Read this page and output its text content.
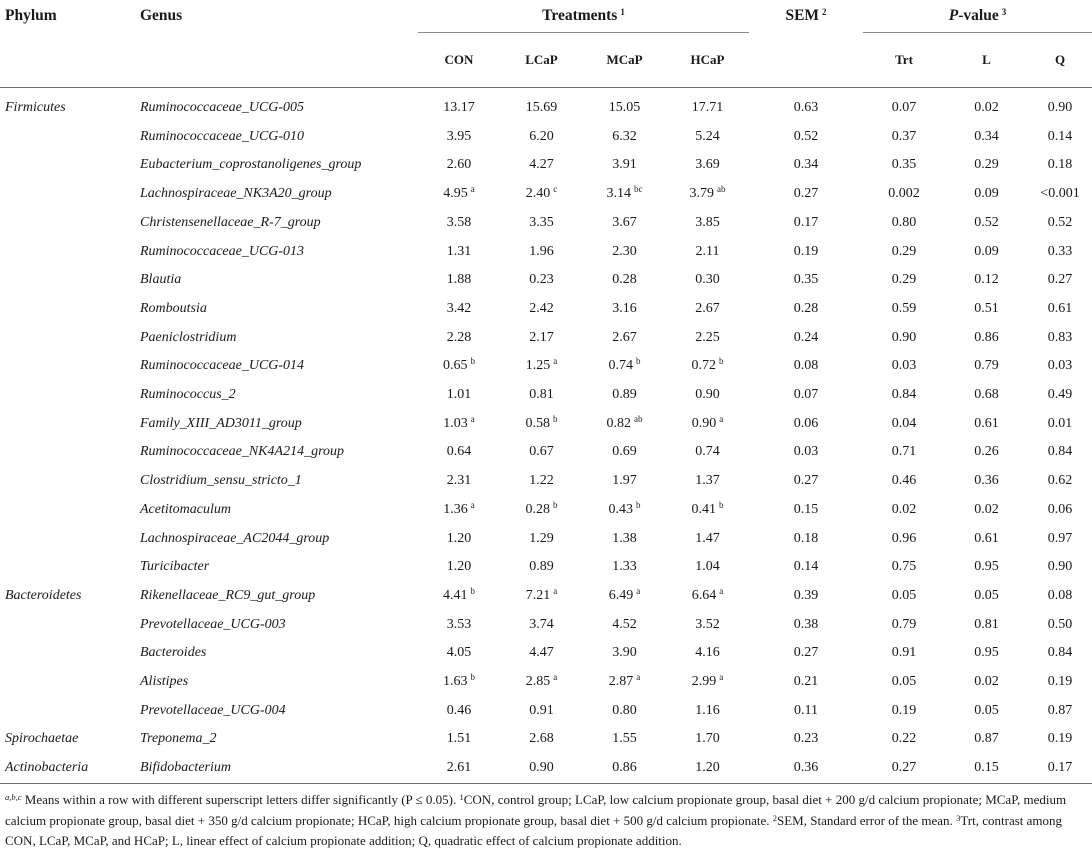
Phylum	Genus	Treatments $^1$				SEM $^2$	P-value $^3$
		CON	LCaP	MCaP	HCaP		Trt	L	Q
Firmicutes	Ruminococcaceae_UCG-005	13.17	15.69	15.05	17.71	0.63	0.07	0.02	0.90
	Ruminococcaceae_UCG-010	3.95	6.20	6.32	5.24	0.52	0.37	0.34	0.14
	Eubacterium_coprostanoligenes_group	2.60	4.27	3.91	3.69	0.34	0.35	0.29	0.18
	Lachnospiraceae_NK3A20_group	4.95 $^a$	2.40 $^c$	3.14 $^{bc}$	3.79 $^{ab}$	0.27	0.002	0.09	<0.001
	Christensenellaceae_R-7_group	3.58	3.35	3.67	3.85	0.17	0.80	0.52	0.52
	Ruminococcaceae_UCG-013	1.31	1.96	2.30	2.11	0.19	0.29	0.09	0.33
	Blautia	1.88	0.23	0.28	0.30	0.35	0.29	0.12	0.27
	Romboutsia	3.42	2.42	3.16	2.67	0.28	0.59	0.51	0.61
	Paeniclostridium	2.28	2.17	2.67	2.25	0.24	0.90	0.86	0.83
	Ruminococcaceae_UCG-014	0.65 $^b$	1.25 $^a$	0.74 $^b$	0.72 $^b$	0.08	0.03	0.79	0.03
	Ruminococcus_2	1.01	0.81	0.89	0.90	0.07	0.84	0.68	0.49
	Family_XIII_AD3011_group	1.03 $^a$	0.58 $^b$	0.82 $^{ab}$	0.90 $^a$	0.06	0.04	0.61	0.01
	Ruminococcaceae_NK4A214_group	0.64	0.67	0.69	0.74	0.03	0.71	0.26	0.84
	Clostridium_sensu_stricto_1	2.31	1.22	1.97	1.37	0.27	0.46	0.36	0.62
	Acetitomaculum	1.36 $^a$	0.28 $^b$	0.43 $^b$	0.41 $^b$	0.15	0.02	0.02	0.06
	Lachnospiraceae_AC2044_group	1.20	1.29	1.38	1.47	0.18	0.96	0.61	0.97
	Turicibacter	1.20	0.89	1.33	1.04	0.14	0.75	0.95	0.90
Bacteroidetes	Rikenellaceae_RC9_gut_group	4.41 $^b$	7.21 $^a$	6.49 $^a$	6.64 $^a$	0.39	0.05	0.05	0.08
	Prevotellaceae_UCG-003	3.53	3.74	4.52	3.52	0.38	0.79	0.81	0.50
	Bacteroides	4.05	4.47	3.90	4.16	0.27	0.91	0.95	0.84
	Alistipes	1.63 $^b$	2.85 $^a$	2.87 $^a$	2.99 $^a$	0.21	0.05	0.02	0.19
	Prevotellaceae_UCG-004	0.46	0.91	0.80	1.16	0.11	0.19	0.05	0.87
Spirochaetae	Treponema_2	1.51	2.68	1.55	1.70	0.23	0.22	0.87	0.19
Actinobacteria	Bifidobacterium	2.61	0.90	0.86	1.20	0.36	0.27	0.15	0.17
$^{a,b,c}$ Means within a row with different superscript letters differ significantly (P ≤ 0.05). $^1$CON, control group; LCaP, low calcium propionate group, basal diet + 200 g/d calcium propionate; MCaP, medium calcium propionate group, basal diet + 350 g/d calcium propionate; HCaP, high calcium propionate group, basal diet + 500 g/d calcium propionate. $^2$SEM, Standard error of the mean. $^3$Trt, contrast among CON, LCaP, MCaP, and HCaP; L, linear effect of calcium propionate addition; Q, quadratic effect of calcium propionate addition.
